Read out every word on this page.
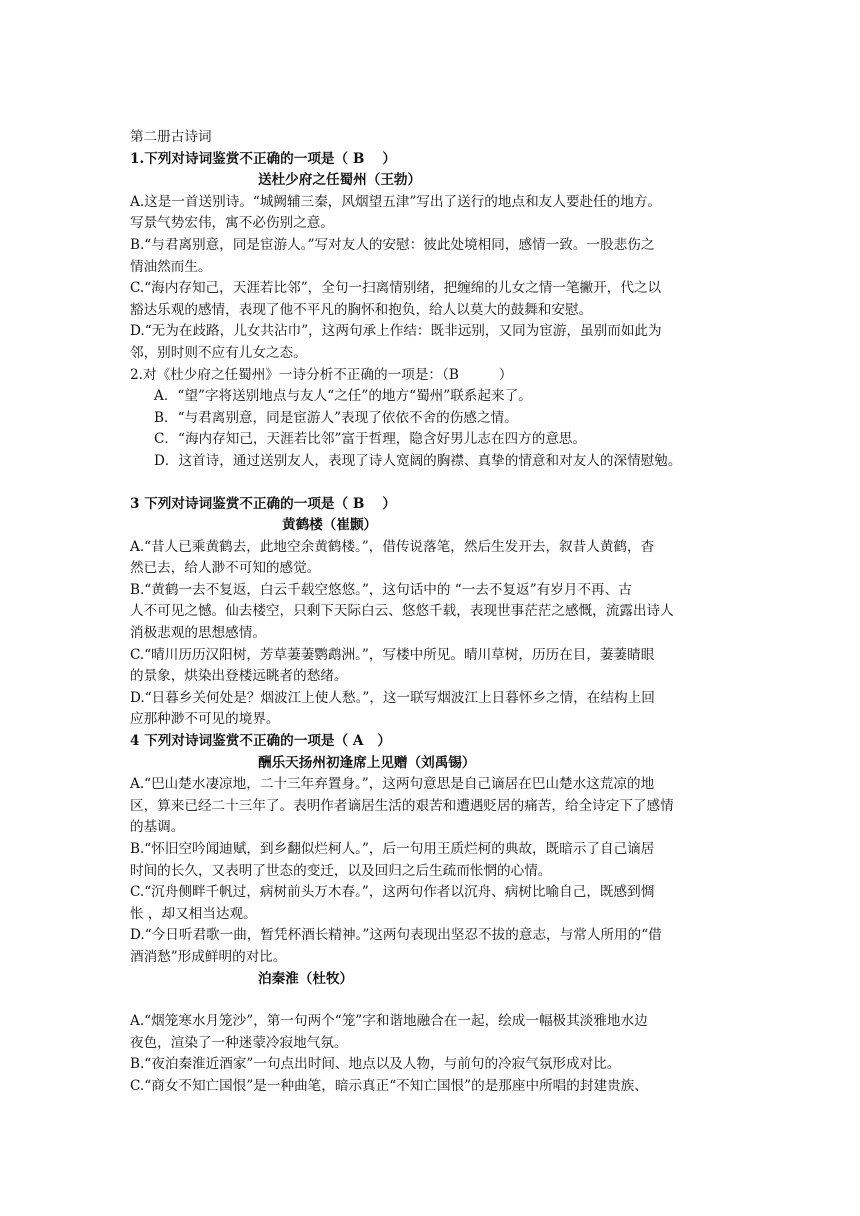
第二册古诗词
1.下列对诗词鉴赏不正确的一项是（ B ）
送杜少府之任蜀州（王勃）
A.这是一首送别诗。“城阙辅三秦，风烟望五津”写出了送行的地点和友人要赴任的地方。
写景气势宏伟，寓不必伤别之意。
B.“与君离别意，同是宦游人。”写对友人的安慰：彼此处境相同，感情一致。一股悲伤之
情油然而生。
C.“海内存知己，天涯若比邻”，全句一扫离情别绪，把缠绵的儿女之情一笔撇开，代之以
豁达乐观的感情，表现了他不平凡的胸怀和抱负，给人以莫大的鼓舞和安慰。
D.“无为在歧路，儿女共沾巾”，这两句承上作结：既非远别，又同为宦游，虽别而如此为
邻，别时则不应有儿女之态。
2.对《杜少府之任蜀州》一诗分析不正确的一项是：（B	）
A．“望”字将送别地点与友人“之任”的地方“蜀州”联系起来了。
B．“与君离别意，同是宦游人”表现了依依不舍的伤感之情。
C．“海内存知己，天涯若比邻”富于哲理，隐含好男儿志在四方的意思。
D．这首诗，通过送别友人，表现了诗人宽阔的胸襟、真挚的情意和对友人的深情慰勉。
3 下列对诗词鉴赏不正确的一项是（ B ）
黄鹤楼（崔颢）
A.“昔人已乘黄鹤去，此地空余黄鹤楼。”，借传说落笔，然后生发开去，叙昔人黄鹤，杳
然已去，给人渺不可知的感觉。
B.“黄鹤一去不复返，白云千载空悠悠。”，这句话中的 “一去不复返”有岁月不再、古
人不可见之憾。仙去楼空，只剩下天际白云、悠悠千载，表现世事茫茫之感慨，流露出诗人
消极悲观的思想感情。
C.“晴川历历汉阳树，芳草萋萋鹦鹉洲。”，写楼中所见。晴川草树，历历在目，萋萋睛眼
的景象，烘染出登楼远眺者的愁绪。
D.“日暮乡关何处是？烟波江上使人愁。”，这一联写烟波江上日暮怀乡之情，在结构上回
应那种渺不可见的境界。
4 下列对诗词鉴赏不正确的一项是（ A ）
酬乐天扬州初逢席上见赠（刘禹锡）
A.“巴山楚水凄凉地，二十三年弃置身。”，这两句意思是自己谪居在巴山楚水这荒凉的地
区，算来已经二十三年了。表明作者谪居生活的艰苦和遭遇贬居的痛苦，给全诗定下了感情
的基调。
B.“怀旧空吟闻迪赋，到乡翻似烂柯人。”，后一句用王质烂柯的典故，既暗示了自己谪居
时间的长久，又表明了世态的变迁，以及回归之后生疏而怅惘的心情。
C.“沉舟侧畔千帆过，病树前头万木春。”，这两句作者以沉舟、病树比喻自己，既感到惆
怅 ，却又相当达观。
D.“今日听君歌一曲，暂凭杯酒长精神。”这两句表现出坚忍不拔的意志，与常人所用的“借
酒消愁”形成鲜明的对比。
泊秦淮（杜牧）
A.“烟笼寒水月笼沙”，第一句两个“笼”字和谐地融合在一起，绘成一幅极其淡雅地水边
夜色，渲染了一种迷蒙冷寂地气氛。
B.“夜泊秦淮近酒家”一句点出时间、地点以及人物，与前句的冷寂气氛形成对比。
C.“商女不知亡国恨”是一种曲笔，暗示真正“不知亡国恨”的是那座中所唱的封建贵族、
